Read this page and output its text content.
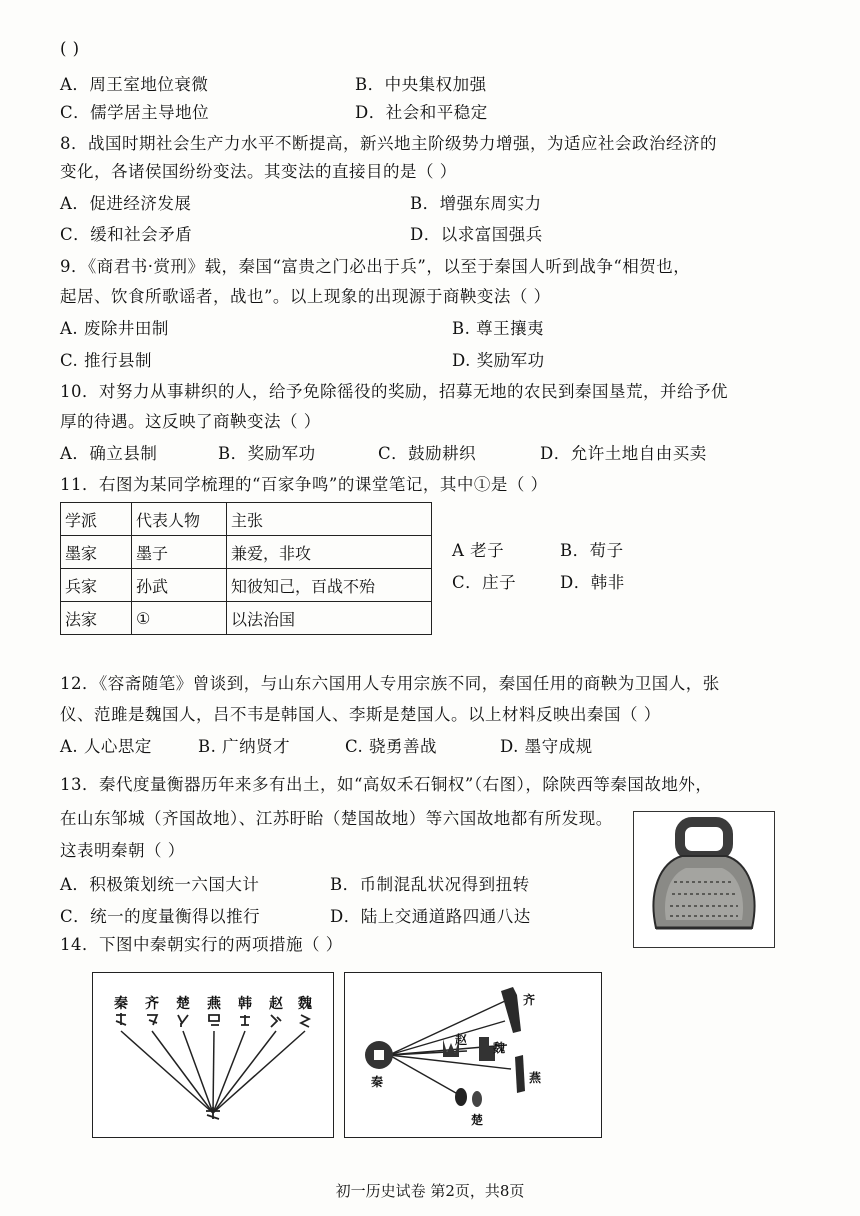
( )
A．周王室地位衰微	B．中央集权加强
C．儒学居主导地位	D．社会和平稳定
8．战国时期社会生产力水平不断提高，新兴地主阶级势力增强，为适应社会政治经济的
变化，各诸侯国纷纷变法。其变法的直接目的是（ ）
A．促进经济发展	B．增强东周实力
C．缓和社会矛盾	D．以求富国强兵
9．《商君书·赏刑》载，秦国“富贵之门必出于兵”，以至于秦国人听到战争“相贺也，
起居、饮食所歌谣者，战也”。以上现象的出现源于商鞅变法（ ）
A. 废除井田制	B. 尊王攘夷
C. 推行县制	D. 奖励军功
10．对努力从事耕织的人，给予免除徭役的奖励，招募无地的农民到秦国垦荒，并给予优
厚的待遇。这反映了商鞅变法（ ）
A．确立县制	B．奖励军功	C．鼓励耕织	D．允许土地自由买卖
11．右图为某同学梳理的“百家争鸣”的课堂笔记，其中①是（ ）
学派	代表人物	主张
墨家	墨子	兼爱，非攻
兵家	孙武	知彼知己，百战不殆
法家	①	以法治国
A 老子	B．荀子
C．庄子	D．韩非
12．《容斋随笔》曾谈到，与山东六国用人专用宗族不同，秦国任用的商鞅为卫国人，张
仪、范雎是魏国人，吕不韦是韩国人、李斯是楚国人。以上材料反映出秦国（ ）
A. 人心思定	B. 广纳贤才	C. 骁勇善战	D. 墨守成规
13．秦代度量衡器历年来多有出土，如“高奴禾石铜权”（右图），除陕西等秦国故地外，
在山东邹城（齐国故地）、江苏盱眙（楚国故地）等六国故地都有所发现。
这表明秦朝（ ）
A．积极策划统一六国大计	B．币制混乱状况得到扭转
C．统一的度量衡得以推行	D．陆上交通道路四通八达
14．下图中秦朝实行的两项措施（ ）
秦 齐 楚 燕 韩 赵 魏
秦
齐
赵
魏
燕
楚
初一历史试卷 第2页，共8页
